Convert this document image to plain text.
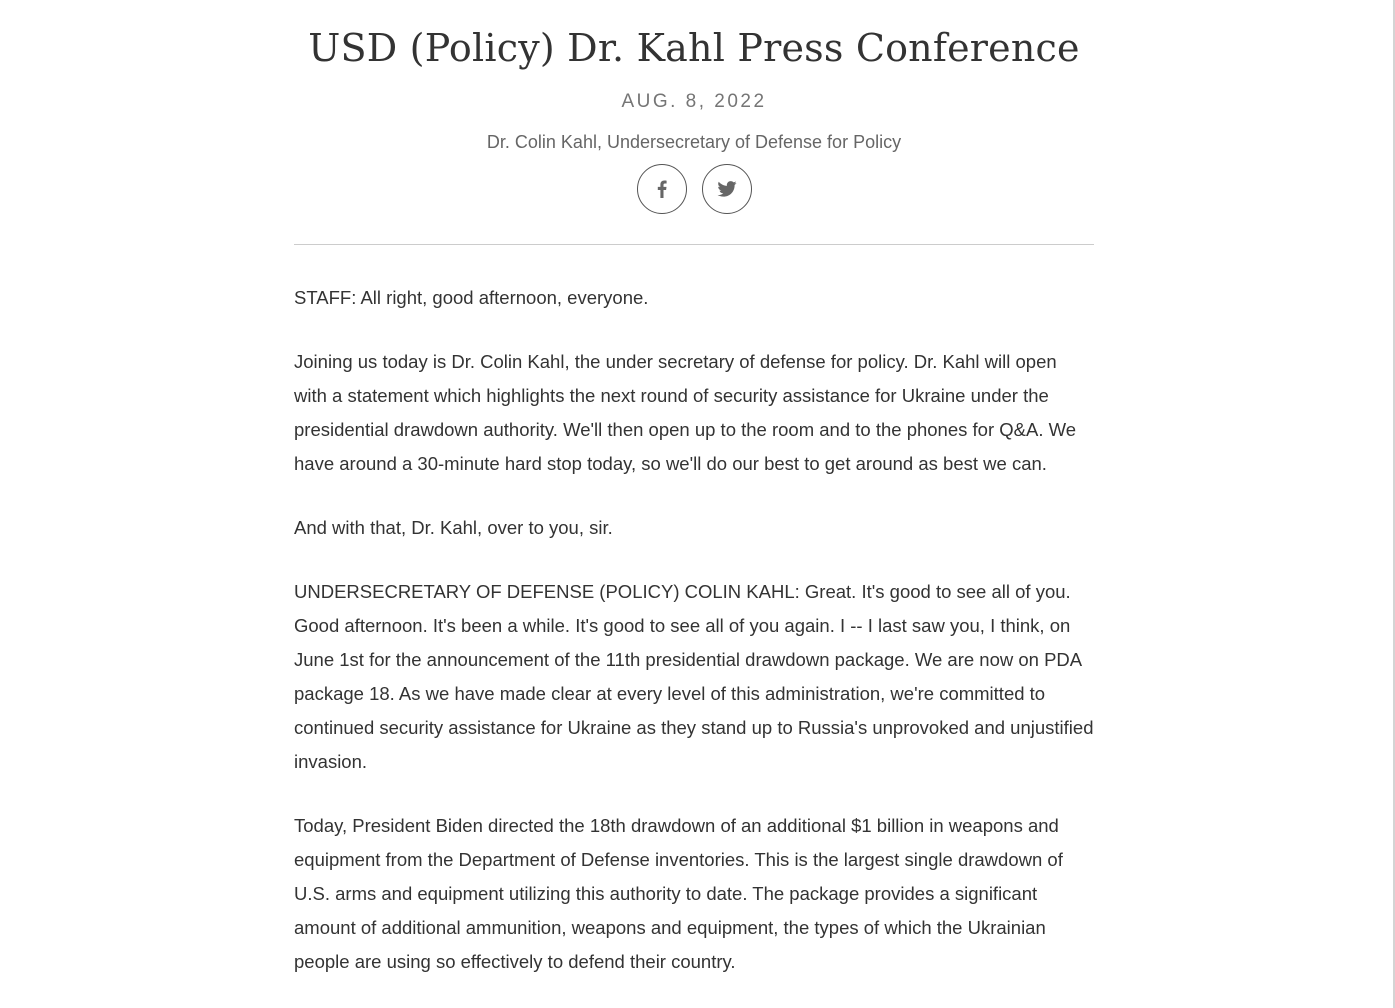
USD (Policy) Dr. Kahl Press Conference
AUG. 8, 2022
Dr. Colin Kahl, Undersecretary of Defense for Policy

STAFF: All right, good afternoon, everyone.

Joining us today is Dr. Colin Kahl, the under secretary of defense for policy. Dr. Kahl will open with a statement which highlights the next round of security assistance for Ukraine under the presidential drawdown authority. We'll then open up to the room and to the phones for Q&A. We have around a 30-minute hard stop today, so we'll do our best to get around as best we can.

And with that, Dr. Kahl, over to you, sir.

UNDERSECRETARY OF DEFENSE (POLICY) COLIN KAHL: Great. It's good to see all of you. Good afternoon. It's been a while. It's good to see all of you again. I -- I last saw you, I think, on June 1st for the announcement of the 11th presidential drawdown package. We are now on PDA package 18. As we have made clear at every level of this administration, we're committed to continued security assistance for Ukraine as they stand up to Russia's unprovoked and unjustified invasion.

Today, President Biden directed the 18th drawdown of an additional $1 billion in weapons and equipment from the Department of Defense inventories. This is the largest single drawdown of U.S. arms and equipment utilizing this authority to date. The package provides a significant amount of additional ammunition, weapons and equipment, the types of which the Ukrainian people are using so effectively to defend their country.
